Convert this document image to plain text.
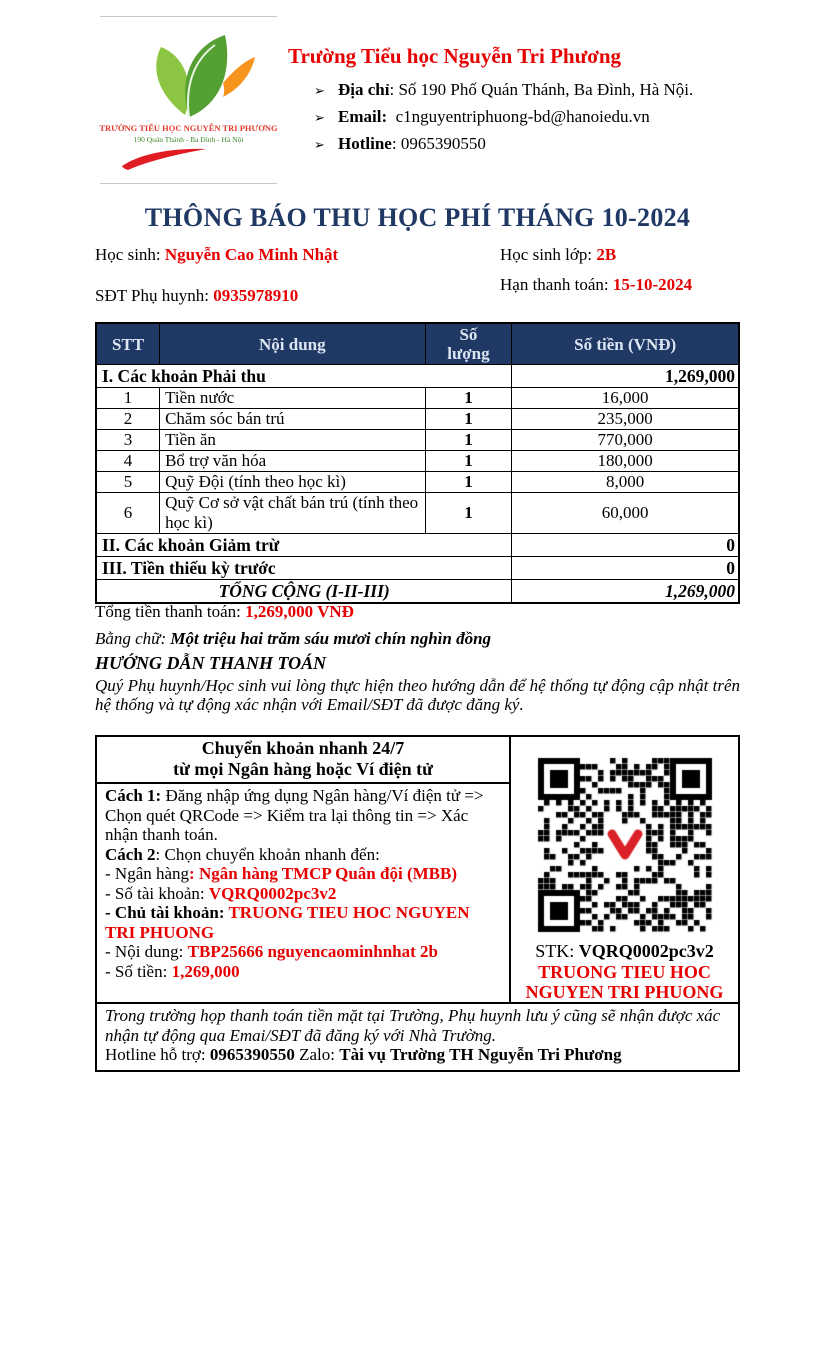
TRƯỜNG TIỂU HỌC NGUYỄN TRI PHƯƠNG
190 Quán Thánh - Ba Đình - Hà Nội
Trường Tiểu học Nguyễn Tri Phương
➢ Địa chỉ: Số 190 Phố Quán Thánh, Ba Đình, Hà Nội.
➢ Email:  c1nguyentriphuong-bd@hanoiedu.vn
➢ Hotline: 0965390550
THÔNG BÁO THU HỌC PHÍ THÁNG 10-2024
Học sinh: Nguyễn Cao Minh Nhật	Học sinh lớp: 2B
SĐT Phụ huynh: 0935978910
Hạn thanh toán: 15-10-2024
STT	Nội dung	Số lượng	Số tiền (VNĐ)
I. Các khoản Phải thu			1,269,000
1	Tiền nước	1	16,000
2	Chăm sóc bán trú	1	235,000
3	Tiền ăn	1	770,000
4	Bổ trợ văn hóa	1	180,000
5	Quỹ Đội (tính theo học kì)	1	8,000
6	Quỹ Cơ sở vật chất bán trú (tính theo học kì)	1	60,000
II. Các khoản Giảm trừ			0
III. Tiền thiếu kỳ trước			0
TỔNG CỘNG (I-II-III)			1,269,000
Tổng tiền thanh toán: 1,269,000 VNĐ
Bằng chữ: Một triệu hai trăm sáu mươi chín nghìn đồng
HƯỚNG DẪN THANH TOÁN
Quý Phụ huynh/Học sinh vui lòng thực hiện theo hướng dẫn để hệ thống tự động cập nhật trên hệ thống và tự động xác nhận với Email/SĐT đã được đăng ký.
Chuyển khoản nhanh 24/7
từ mọi Ngân hàng hoặc Ví điện tử
Cách 1: Đăng nhập ứng dụng Ngân hàng/Ví điện tử => Chọn quét QRCode => Kiểm tra lại thông tin => Xác nhận thanh toán.
Cách 2: Chọn chuyển khoản nhanh đến:
- Ngân hàng: Ngân hàng TMCP Quân đội (MBB)
- Số tài khoản: VQRQ0002pc3v2
- Chủ tài khoản: TRUONG TIEU HOC NGUYEN TRI PHUONG
- Nội dung: TBP25666 nguyencaominhnhat 2b
- Số tiền: 1,269,000
STK: VQRQ0002pc3v2
TRUONG TIEU HOC NGUYEN TRI PHUONG
Trong trường họp thanh toán tiền mặt tại Trường, Phụ huynh lưu ý cũng sẽ nhận được xác nhận tự động qua Emai/SĐT đã đăng ký với Nhà Trường.
Hotline hỗ trợ: 0965390550 Zalo: Tài vụ Trường TH Nguyễn Tri Phương
